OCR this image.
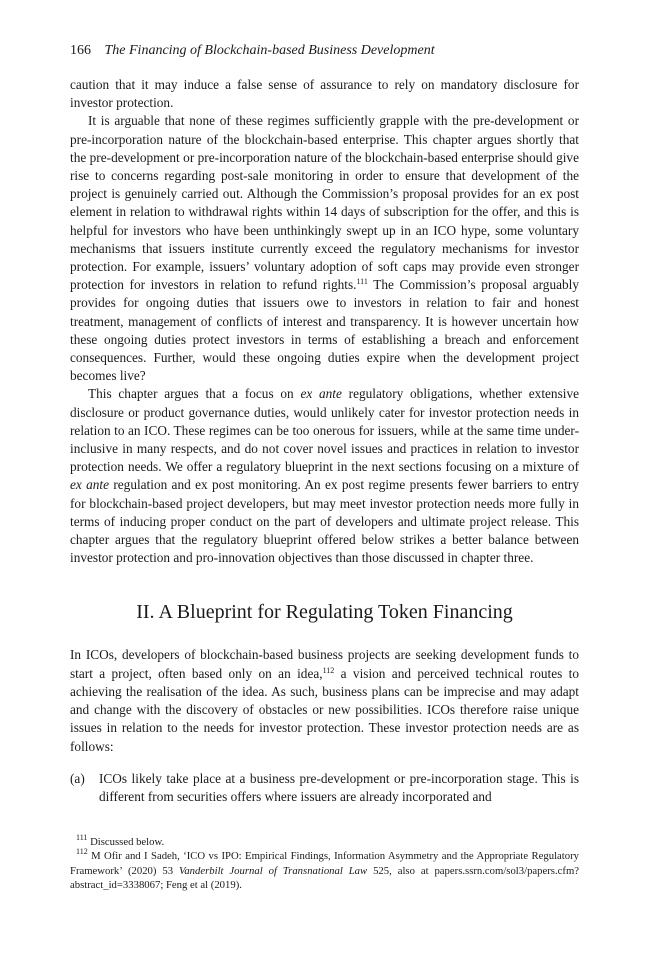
166 The Financing of Blockchain-based Business Development

caution that it may induce a false sense of assurance to rely on mandatory disclosure for investor protection.

It is arguable that none of these regimes sufficiently grapple with the pre-development or pre-incorporation nature of the blockchain-based enterprise. This chapter argues shortly that the pre-development or pre-incorporation nature of the blockchain-based enterprise should give rise to concerns regarding post-sale monitoring in order to ensure that development of the project is genuinely carried out. Although the Commission’s proposal provides for an ex post element in relation to withdrawal rights within 14 days of subscription for the offer, and this is helpful for investors who have been unthinkingly swept up in an ICO hype, some voluntary mechanisms that issuers institute currently exceed the regulatory mechanisms for investor protection. For example, issuers’ voluntary adoption of soft caps may provide even stronger protection for investors in relation to refund rights.$^{111}$ The Commission’s proposal arguably provides for ongoing duties that issuers owe to investors in relation to fair and honest treatment, management of conflicts of interest and transparency. It is however uncertain how these ongoing duties protect investors in terms of establishing a breach and enforcement consequences. Further, would these ongoing duties expire when the development project becomes live?

This chapter argues that a focus on ex ante regulatory obligations, whether extensive disclosure or product governance duties, would unlikely cater for investor protection needs in relation to an ICO. These regimes can be too onerous for issuers, while at the same time under-inclusive in many respects, and do not cover novel issues and practices in relation to investor protection needs. We offer a regulatory blueprint in the next sections focusing on a mixture of ex ante regulation and ex post monitoring. An ex post regime presents fewer barriers to entry for blockchain-based project developers, but may meet investor protection needs more fully in terms of inducing proper conduct on the part of developers and ultimate project release. This chapter argues that the regulatory blueprint offered below strikes a better balance between investor protection and pro-innovation objectives than those discussed in chapter three.

II. A Blueprint for Regulating Token Financing

In ICOs, developers of blockchain-based business projects are seeking development funds to start a project, often based only on an idea,$^{112}$ a vision and perceived technical routes to achieving the realisation of the idea. As such, business plans can be imprecise and may adapt and change with the discovery of obstacles or new possibilities. ICOs therefore raise unique issues in relation to the needs for investor protection. These investor protection needs are as follows:

(a)	ICOs likely take place at a business pre-development or pre-incorporation stage. This is different from securities offers where issuers are already incorporated and

$^{111}$ Discussed below.

$^{112}$ M Ofir and I Sadeh, ‘ICO vs IPO: Empirical Findings, Information Asymmetry and the Appropriate Regulatory Framework’ (2020) 53 Vanderbilt Journal of Transnational Law 525, also at papers.ssrn.com/sol3/papers.cfm?abstract_id=3338067; Feng et al (2019).
